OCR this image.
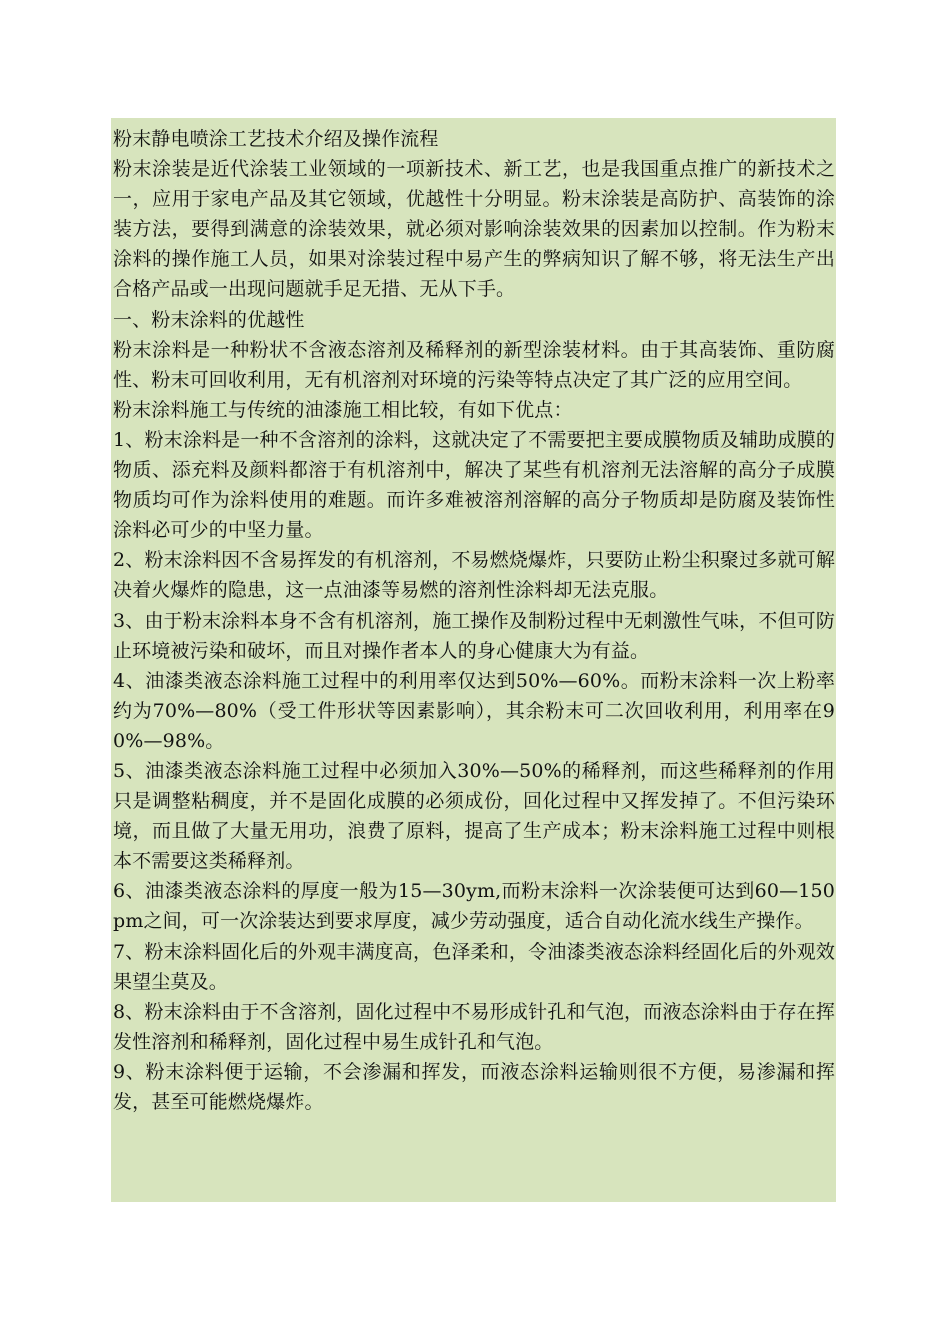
粉末静电喷涂工艺技术介绍及操作流程

粉末涂装是近代涂装工业领域的一项新技术、新工艺，也是我国重点推广的新技术之一，应用于家电产品及其它领域，优越性十分明显。粉末涂装是高防护、高装饰的涂装方法，要得到满意的涂装效果，就必须对影响涂装效果的因素加以控制。作为粉末涂料的操作施工人员，如果对涂装过程中易产生的弊病知识了解不够，将无法生产出合格产品或一出现问题就手足无措、无从下手。

一、粉末涂料的优越性

粉末涂料是一种粉状不含液态溶剂及稀释剂的新型涂装材料。由于其高装饰、重防腐性、粉末可回收利用，无有机溶剂对环境的污染等特点决定了其广泛的应用空间。

粉末涂料施工与传统的油漆施工相比较，有如下优点：

1、粉末涂料是一种不含溶剂的涂料，这就决定了不需要把主要成膜物质及辅助成膜的物质、添充料及颜料都溶于有机溶剂中，解决了某些有机溶剂无法溶解的高分子成膜物质均可作为涂料使用的难题。而许多难被溶剂溶解的高分子物质却是防腐及装饰性涂料必可少的中坚力量。

2、粉末涂料因不含易挥发的有机溶剂，不易燃烧爆炸，只要防止粉尘积聚过多就可解决着火爆炸的隐患，这一点油漆等易燃的溶剂性涂料却无法克服。

3、由于粉末涂料本身不含有机溶剂，施工操作及制粉过程中无刺激性气味，不但可防止环境被污染和破坏，而且对操作者本人的身心健康大为有益。

4、油漆类液态涂料施工过程中的利用率仅达到50%—60%。而粉末涂料一次上粉率约为70%—80%（受工件形状等因素影响），其余粉末可二次回收利用，利用率在90%—98%。

5、油漆类液态涂料施工过程中必须加入30%—50%的稀释剂，而这些稀释剂的作用只是调整粘稠度，并不是固化成膜的必须成份，回化过程中又挥发掉了。不但污染环境，而且做了大量无用功，浪费了原料，提高了生产成本；粉末涂料施工过程中则根本不需要这类稀释剂。

6、油漆类液态涂料的厚度一般为15—30ym,而粉末涂料一次涂装便可达到60—150pm之间，可一次涂装达到要求厚度，减少劳动强度，适合自动化流水线生产操作。

7、粉末涂料固化后的外观丰满度高，色泽柔和，令油漆类液态涂料经固化后的外观效果望尘莫及。

8、粉末涂料由于不含溶剂，固化过程中不易形成针孔和气泡，而液态涂料由于存在挥发性溶剂和稀释剂，固化过程中易生成针孔和气泡。

9、粉末涂料便于运输，不会渗漏和挥发，而液态涂料运输则很不方便，易渗漏和挥发，甚至可能燃烧爆炸。
